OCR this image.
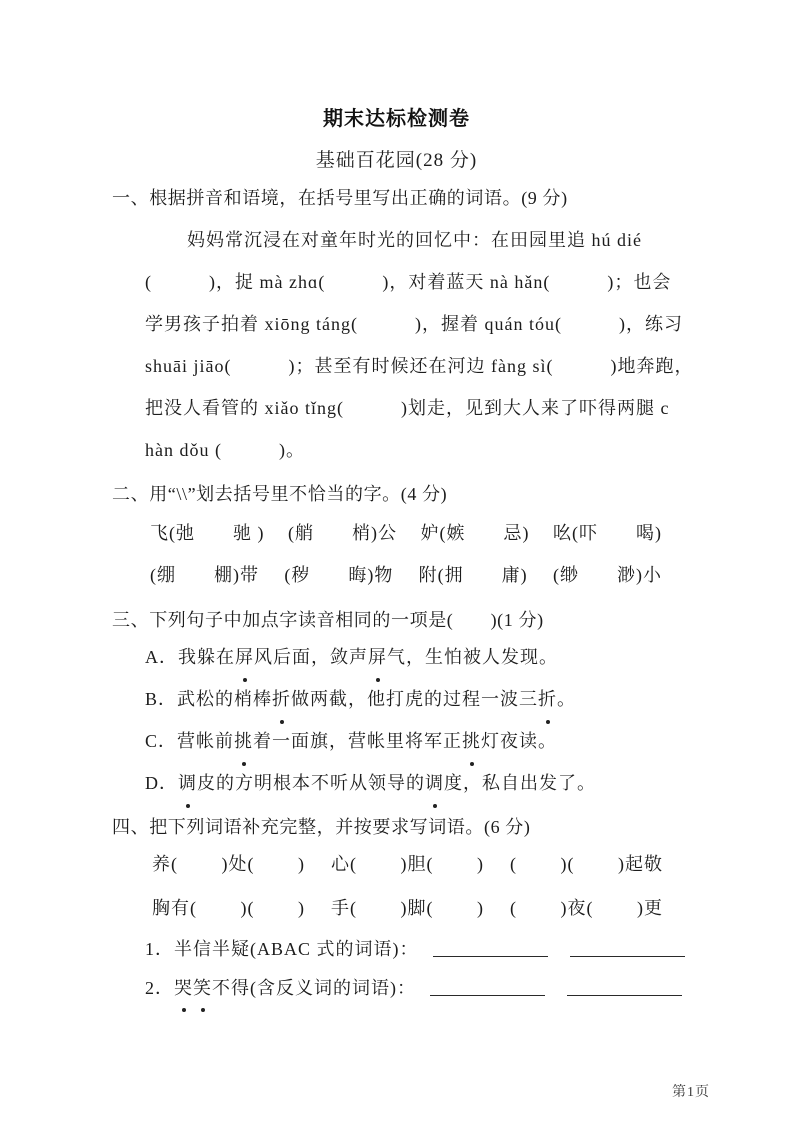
期末达标检测卷
基础百花园(28 分)
一、根据拼音和语境，在括号里写出正确的词语。(9 分)
妈妈常沉浸在对童年时光的回忆中：在田园里追 hú dié
(　　　)，捉 mà zhɑ(　　　)，对着蓝天 nà hǎn(　　　)；也会
学男孩子拍着 xiōng táng(　　　)，握着 quán tóu(　　　)，练习
shuāi jiāo(　　　)；甚至有时候还在河边 fàng sì(　　　)地奔跑，
把没人看管的 xiǎo tǐng(　　　)划走，见到大人来了吓得两腿 c
hàn dǒu (　　　)。
二、用“\\”划去括号里不恰当的字。(4 分)
飞(弛　　驰 ) (艄　　梢)公 妒(嫉　　忌) 吆(吓　　喝)
(绷　　棚)带 (秽　　晦)物 附(拥　　庸) (缈　　渺)小
三、下列句子中加点字读音相同的一项是(　　)(1 分)
A．我躲在屏风后面，敛声屏气，生怕被人发现。
B．武松的梢棒折做两截，他打虎的过程一波三折。
C．营帐前挑着一面旗，营帐里将军正挑灯夜读。
D．调皮的方明根本不听从领导的调度，私自出发了。
四、把下列词语补充完整，并按要求写词语。(6 分)
养(　　 )处(　　 ) 心(　　 )胆(　　 ) (　　 )(　　 )起敬
胸有(　　 )(　　 ) 手(　　 )脚(　　 ) (　　 )夜(　　 )更
1．半信半疑(ABAC 式的词语)：
2．哭笑不得(含反义词的词语)：
第1页
